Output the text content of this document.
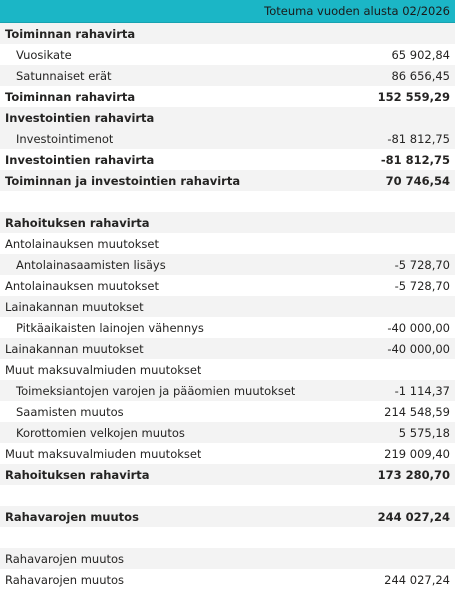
Toteuma vuoden alusta 02/2026
Toiminnan rahavirta
Vuosikate	65 902,84
Satunnaiset erät	86 656,45
Toiminnan rahavirta	152 559,29
Investointien rahavirta
Investointimenot	-81 812,75
Investointien rahavirta	-81 812,75
Toiminnan ja investointien rahavirta	70 746,54
Rahoituksen rahavirta
Antolainauksen muutokset
Antolainasaamisten lisäys	-5 728,70
Antolainauksen muutokset	-5 728,70
Lainakannan muutokset
Pitkäaikaisten lainojen vähennys	-40 000,00
Lainakannan muutokset	-40 000,00
Muut maksuvalmiuden muutokset
Toimeksiantojen varojen ja pääomien muutokset	-1 114,37
Saamisten muutos	214 548,59
Korottomien velkojen muutos	5 575,18
Muut maksuvalmiuden muutokset	219 009,40
Rahoituksen rahavirta	173 280,70
Rahavarojen muutos	244 027,24
Rahavarojen muutos
Rahavarojen muutos	244 027,24
